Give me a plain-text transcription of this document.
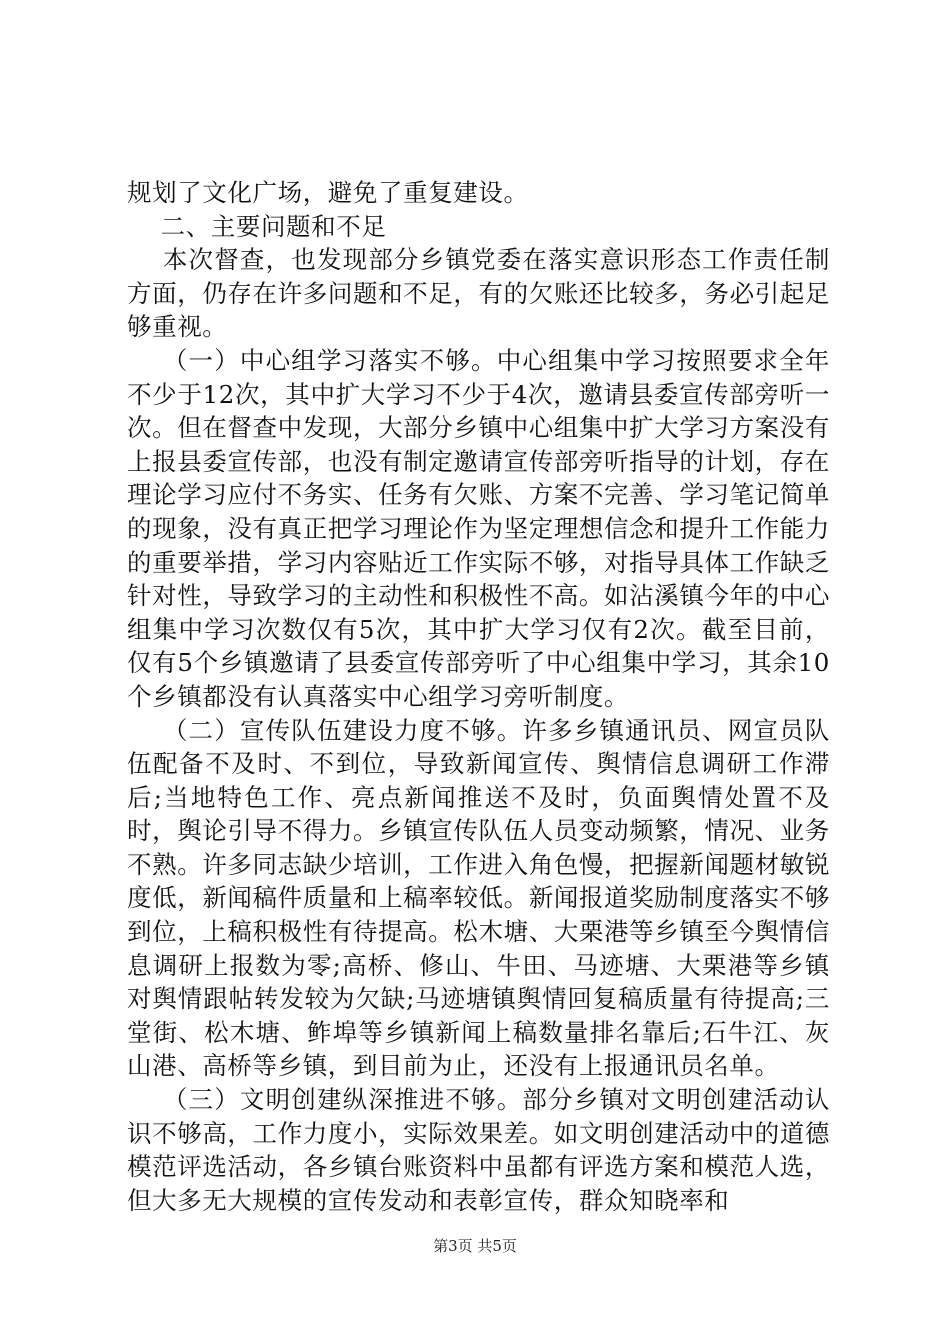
规划了文化广场，避免了重复建设。

二、主要问题和不足

本次督查，也发现部分乡镇党委在落实意识形态工作责任制方面，仍存在许多问题和不足，有的欠账还比较多，务必引起足够重视。

（一）中心组学习落实不够。中心组集中学习按照要求全年不少于12次，其中扩大学习不少于4次，邀请县委宣传部旁听一次。但在督查中发现，大部分乡镇中心组集中扩大学习方案没有上报县委宣传部，也没有制定邀请宣传部旁听指导的计划，存在理论学习应付不务实、任务有欠账、方案不完善、学习笔记简单的现象，没有真正把学习理论作为坚定理想信念和提升工作能力的重要举措，学习内容贴近工作实际不够，对指导具体工作缺乏针对性，导致学习的主动性和积极性不高。如沾溪镇今年的中心组集中学习次数仅有5次，其中扩大学习仅有2次。截至目前，仅有5个乡镇邀请了县委宣传部旁听了中心组集中学习，其余10个乡镇都没有认真落实中心组学习旁听制度。

（二）宣传队伍建设力度不够。许多乡镇通讯员、网宣员队伍配备不及时、不到位，导致新闻宣传、舆情信息调研工作滞后;当地特色工作、亮点新闻推送不及时，负面舆情处置不及时，舆论引导不得力。乡镇宣传队伍人员变动频繁，情况、业务不熟。许多同志缺少培训，工作进入角色慢，把握新闻题材敏锐度低，新闻稿件质量和上稿率较低。新闻报道奖励制度落实不够到位，上稿积极性有待提高。松木塘、大栗港等乡镇至今舆情信息调研上报数为零;高桥、修山、牛田、马迹塘、大栗港等乡镇对舆情跟帖转发较为欠缺;马迹塘镇舆情回复稿质量有待提高;三堂街、松木塘、鲊埠等乡镇新闻上稿数量排名靠后;石牛江、灰山港、高桥等乡镇，到目前为止，还没有上报通讯员名单。

（三）文明创建纵深推进不够。部分乡镇对文明创建活动认识不够高，工作力度小，实际效果差。如文明创建活动中的道德模范评选活动，各乡镇台账资料中虽都有评选方案和模范人选，但大多无大规模的宣传发动和表彰宣传，群众知晓率和

第3页 共5页
